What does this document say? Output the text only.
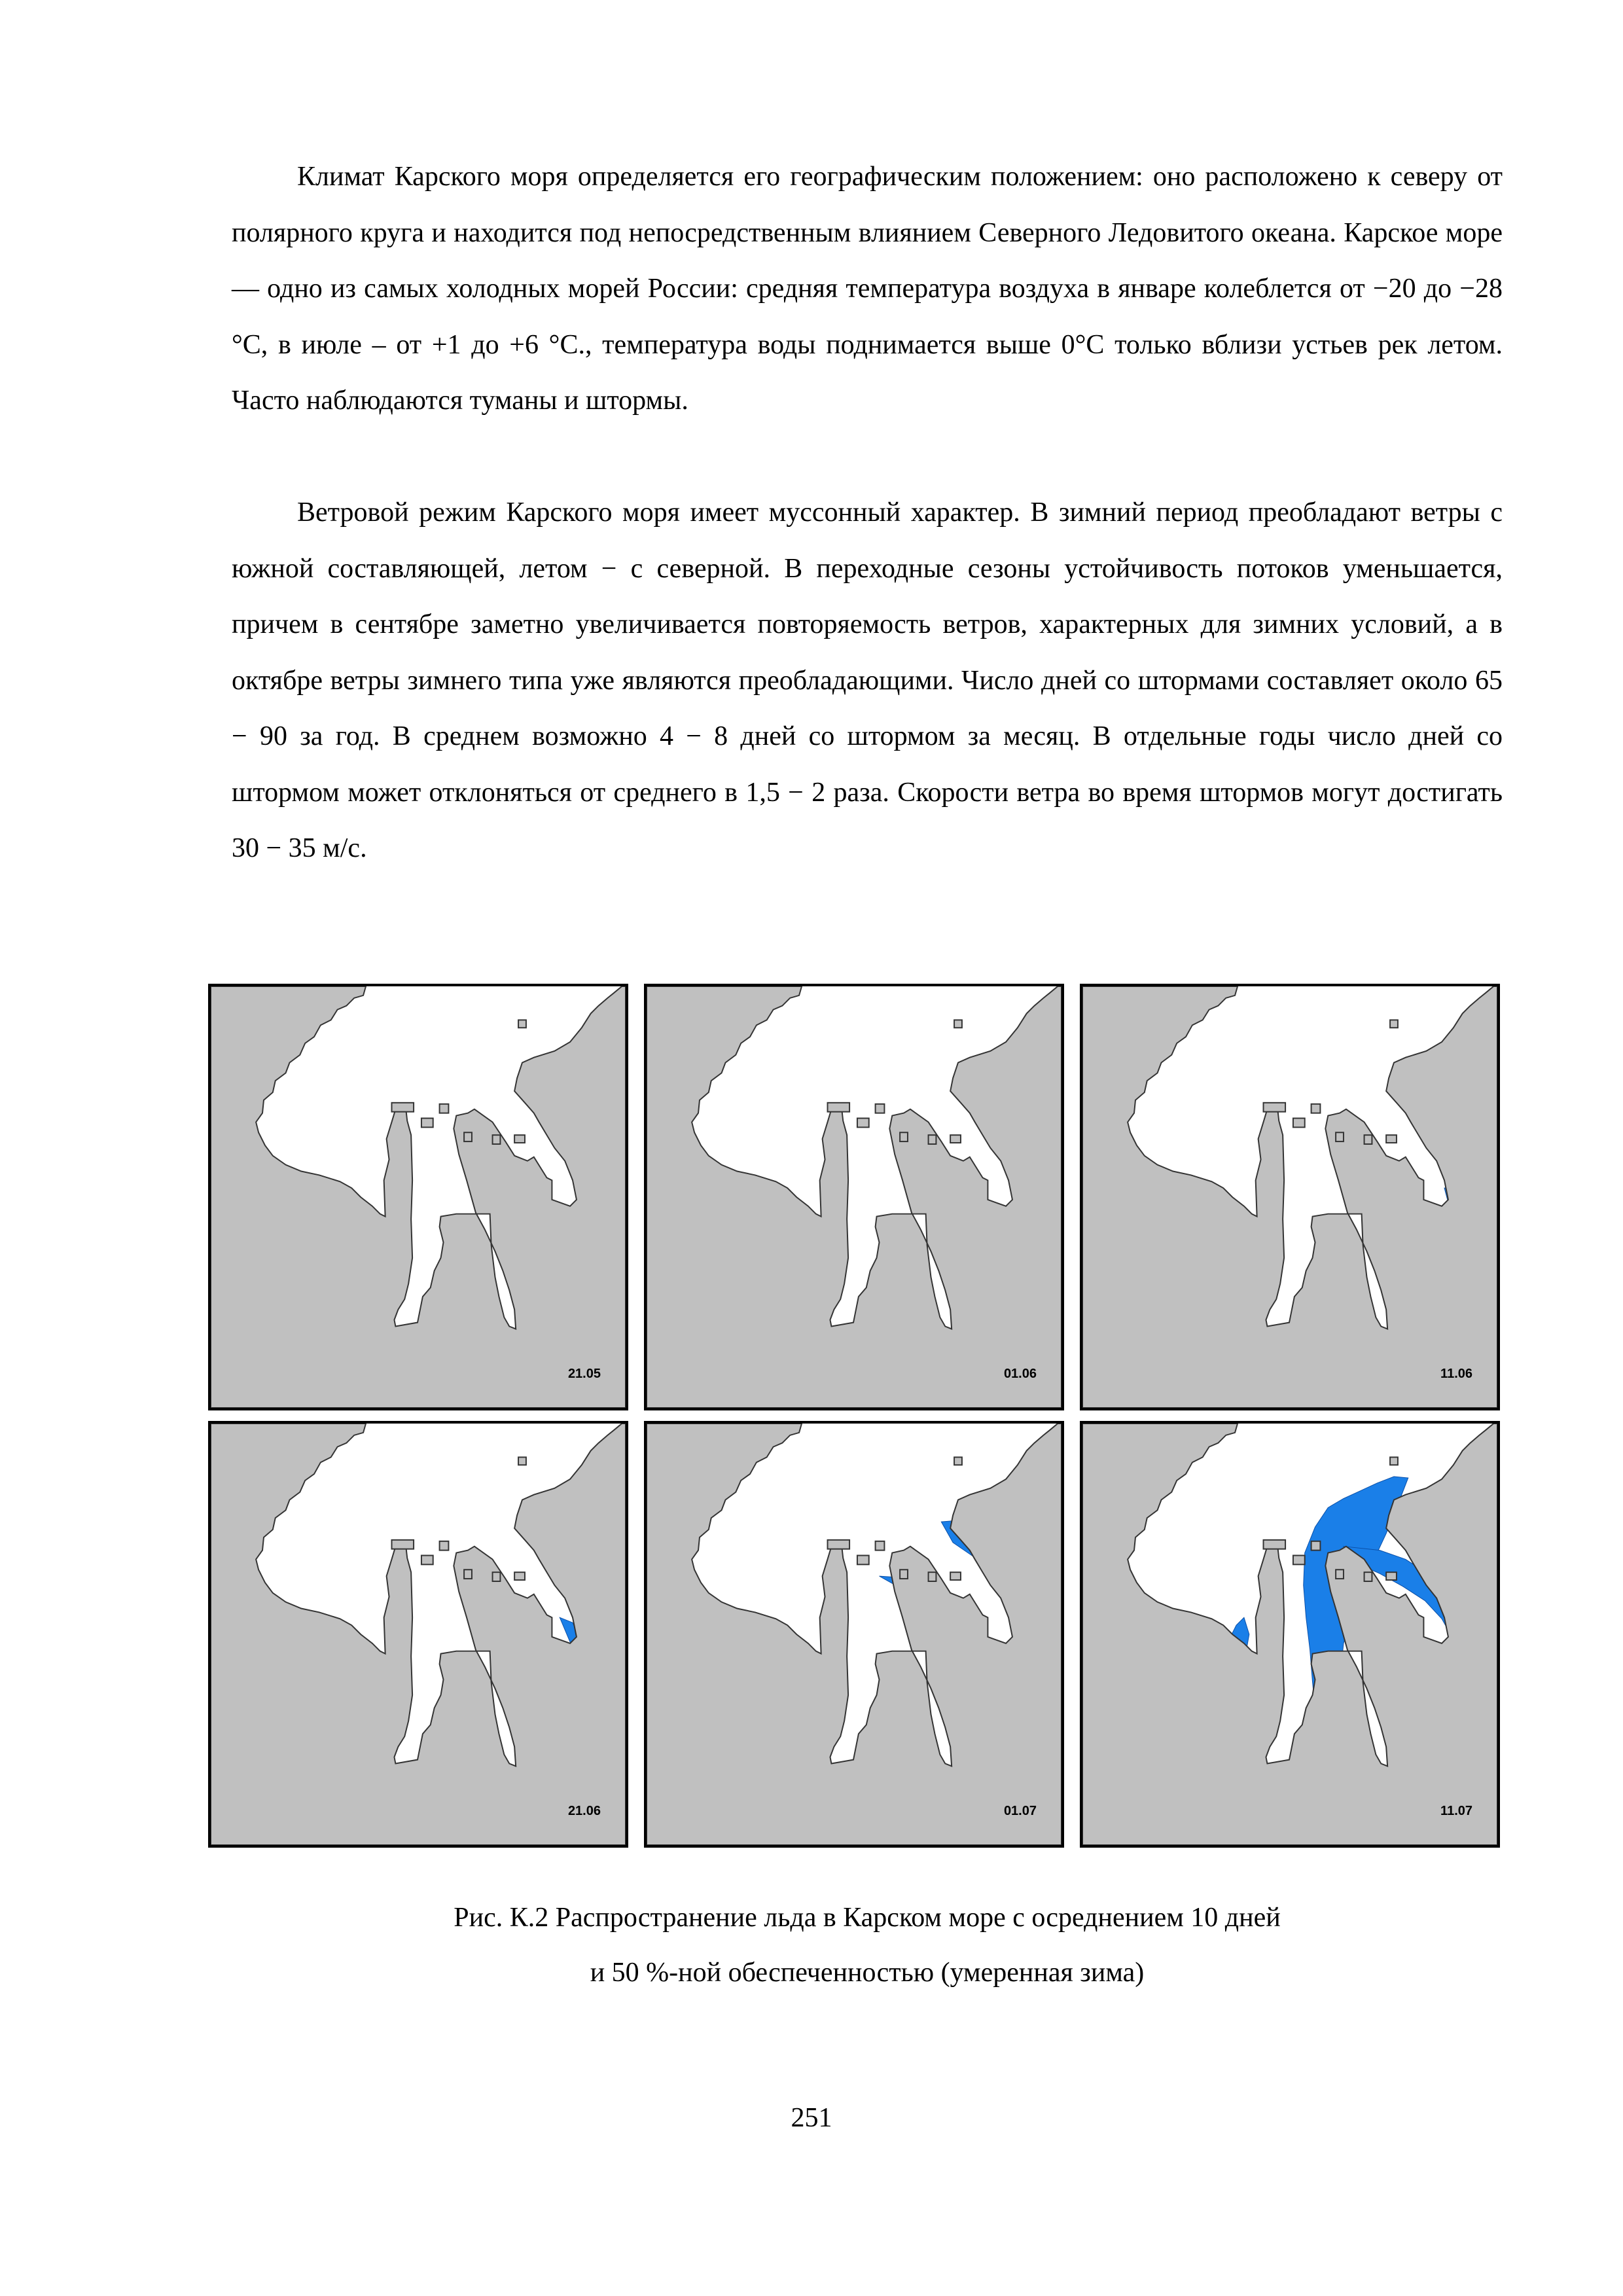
Климат Карского моря определяется его географическим положением: оно расположено к северу от полярного круга и находится под непосредственным влиянием Северного Ледовитого океана. Карское море — одно из самых холодных морей России: средняя температура воздуха в январе колеблется от −20 до −28 °C, в июле – от +1 до +6 °С., температура воды поднимается выше 0°С только вблизи устьев рек летом. Часто наблюдаются туманы и штормы.
Ветровой режим Карского моря имеет муссонный характер. В зимний период преобладают ветры с южной составляющей, летом − с северной. В переходные сезоны устойчивость потоков уменьшается, причем в сентябре заметно увеличивается повторяемость ветров, характерных для зимних условий, а в октябре ветры зимнего типа уже являются преобладающими. Число дней со штормами составляет около 65 − 90 за год. В среднем возможно 4 − 8 дней со штормом за месяц. В отдельные годы число дней со штормом может отклоняться от среднего в 1,5 − 2 раза. Скорости ветра во время штормов могут достигать 30 − 35 м/с.
21.05	01.06	11.06
21.06	01.07	11.07

Рис. К.2 Распространение льда в Карском море с осреднением 10 дней

и 50 %-ной обеспеченностью (умеренная зима)

251
